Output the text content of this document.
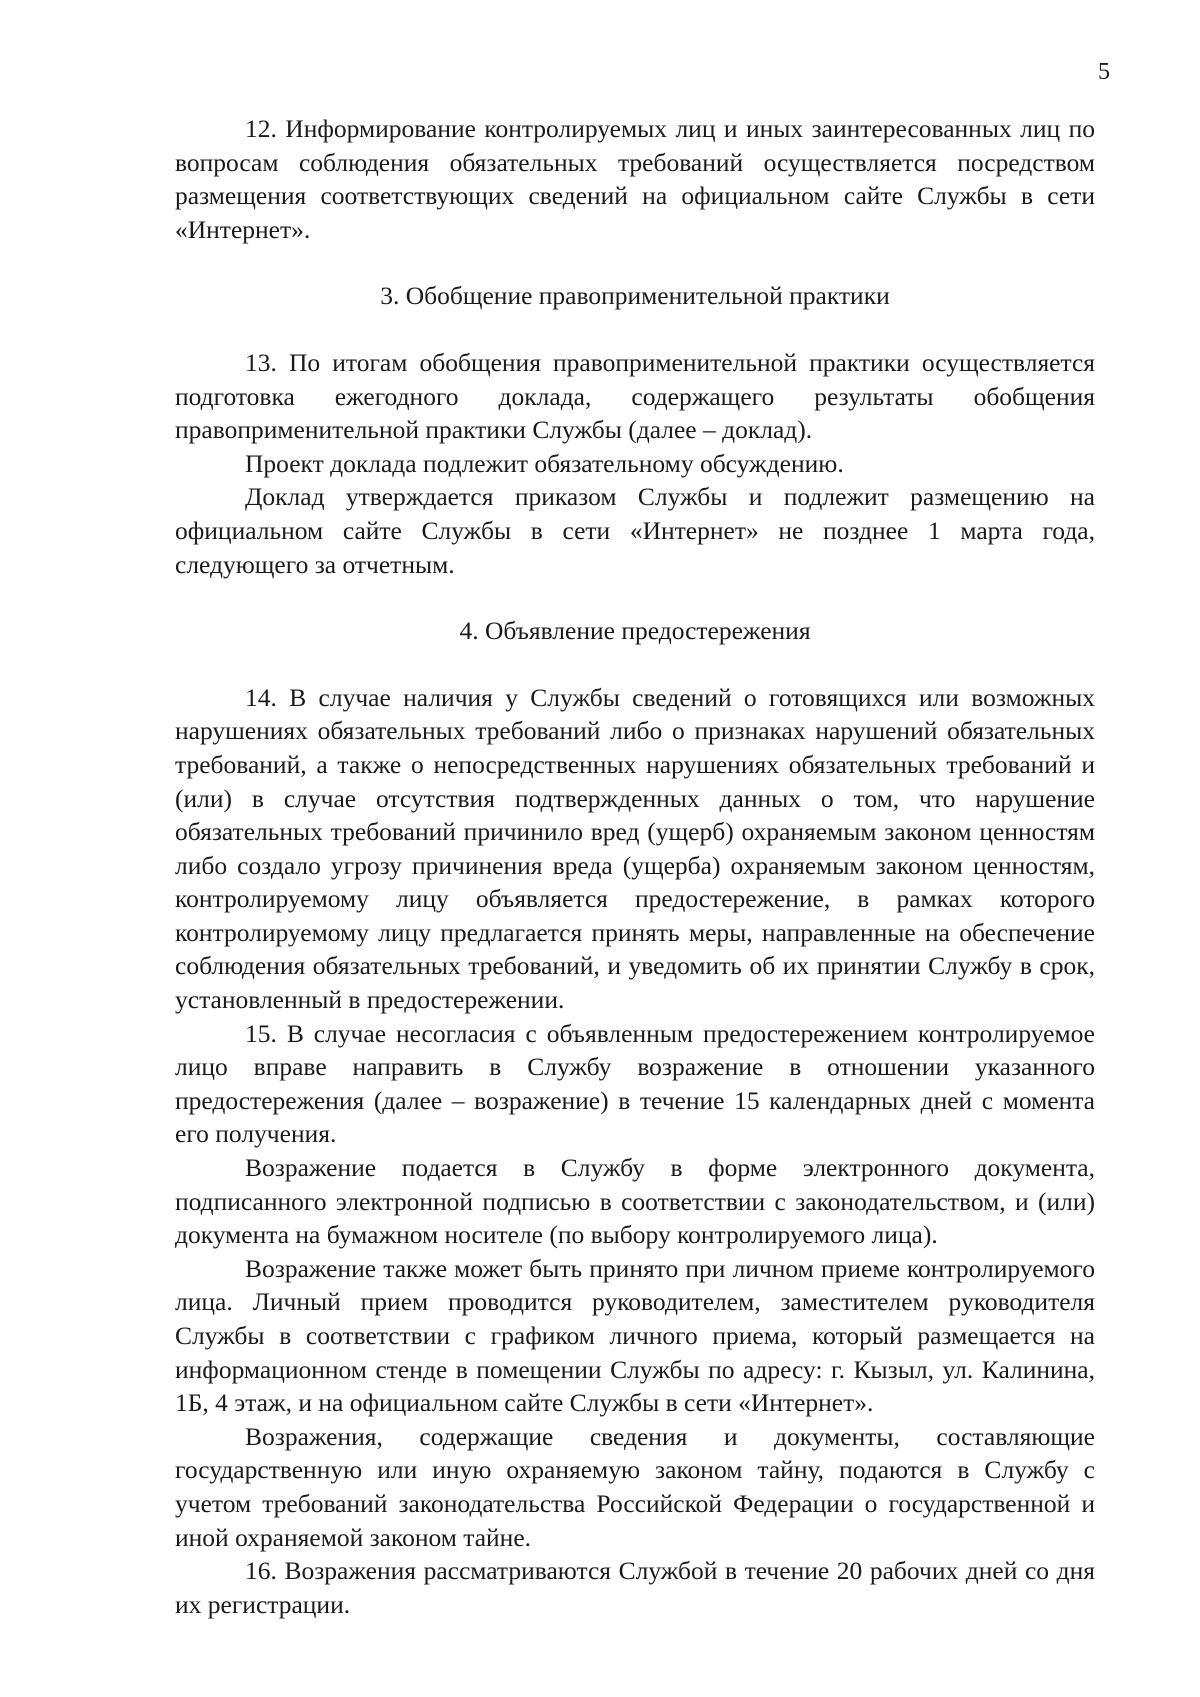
5

12. Информирование контролируемых лиц и иных заинтересованных лиц по вопросам соблюдения обязательных требований осуществляется посредством размещения соответствующих сведений на официальном сайте Службы в сети «Интернет».

3. Обобщение правоприменительной практики

13. По итогам обобщения правоприменительной практики осуществляется подготовка ежегодного доклада, содержащего результаты обобщения правоприменительной практики Службы (далее – доклад).

Проект доклада подлежит обязательному обсуждению.

Доклад утверждается приказом Службы и подлежит размещению на официальном сайте Службы в сети «Интернет» не позднее 1 марта года, следующего за отчетным.

4. Объявление предостережения

14. В случае наличия у Службы сведений о готовящихся или возможных нарушениях обязательных требований либо о признаках нарушений обязательных требований, а также о непосредственных нарушениях обязательных требований и (или) в случае отсутствия подтвержденных данных о том, что нарушение обязательных требований причинило вред (ущерб) охраняемым законом ценностям либо создало угрозу причинения вреда (ущерба) охраняемым законом ценностям, контролируемому лицу объявляется предостережение, в рамках которого контролируемому лицу предлагается принять меры, направленные на обеспечение соблюдения обязательных требований, и уведомить об их принятии Службу в срок, установленный в предостережении.

15. В случае несогласия с объявленным предостережением контролируемое лицо вправе направить в Службу возражение в отношении указанного предостережения (далее – возражение) в течение 15 календарных дней с момента его получения.

Возражение подается в Службу в форме электронного документа, подписанного электронной подписью в соответствии с законодательством, и (или) документа на бумажном носителе (по выбору контролируемого лица).

Возражение также может быть принято при личном приеме контролируемого лица. Личный прием проводится руководителем, заместителем руководителя Службы в соответствии с графиком личного приема, который размещается на информационном стенде в помещении Службы по адресу: г. Кызыл, ул. Калинина, 1Б, 4 этаж, и на официальном сайте Службы в сети «Интернет».

Возражения, содержащие сведения и документы, составляющие государственную или иную охраняемую законом тайну, подаются в Службу с учетом требований законодательства Российской Федерации о государственной и иной охраняемой законом тайне.

16. Возражения рассматриваются Службой в течение 20 рабочих дней со дня их регистрации.
